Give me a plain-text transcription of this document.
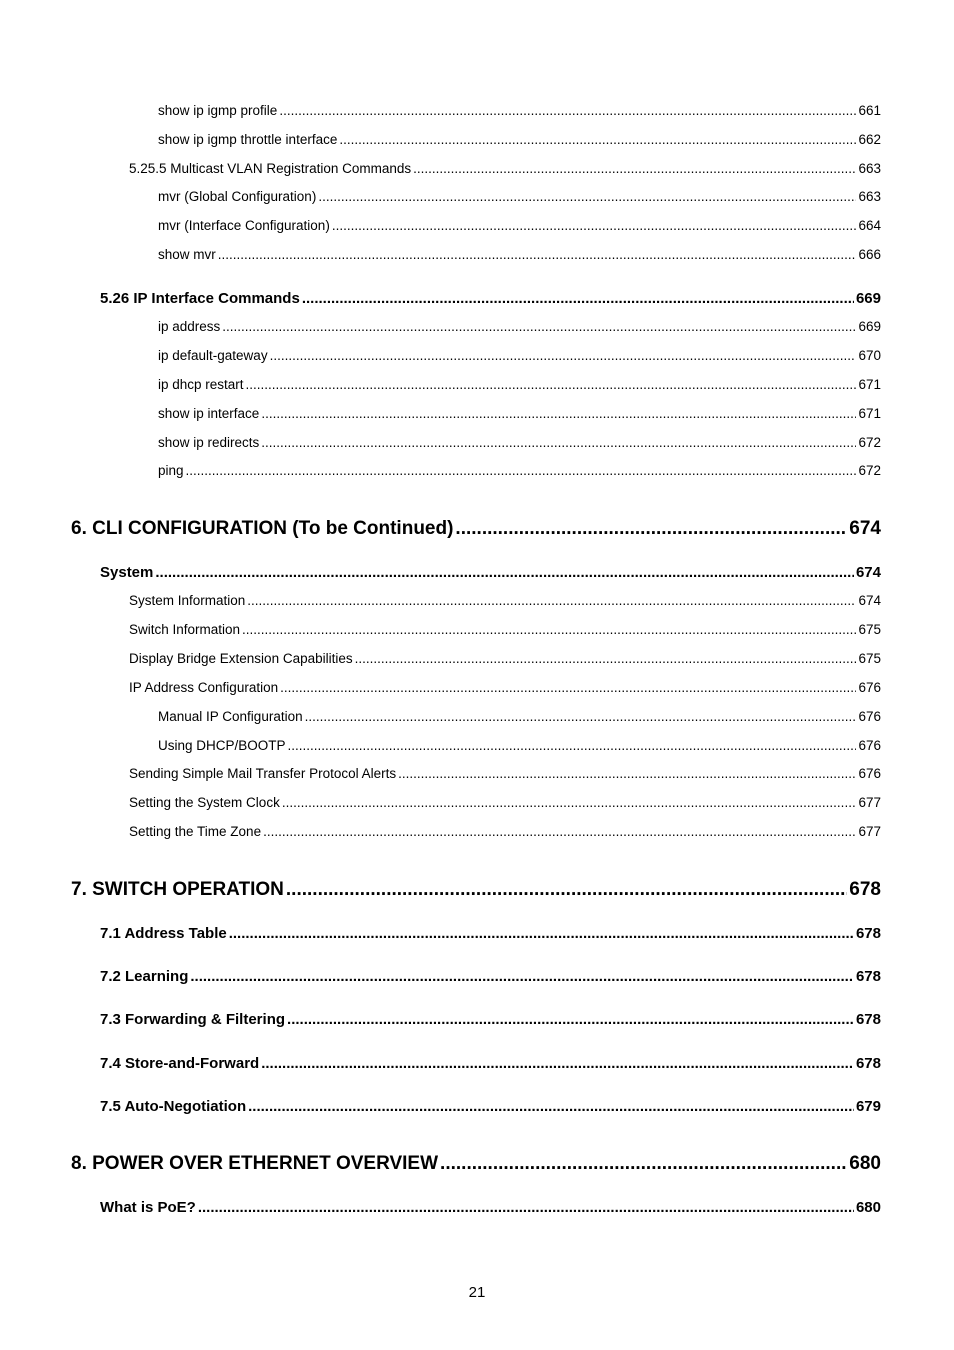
show ip igmp profile .....	661
show ip igmp throttle interface .....	662
5.25.5 Multicast VLAN Registration Commands .....	663
mvr (Global Configuration) .....	663
mvr (Interface Configuration) .....	664
show mvr .....	666
5.26 IP Interface Commands .....	669
ip address .....	669
ip default-gateway .....	670
ip dhcp restart .....	671
show ip interface .....	671
show ip redirects .....	672
ping .....	672
6. CLI CONFIGURATION (To be Continued) .....	674
System .....	674
System Information .....	674
Switch Information .....	675
Display Bridge Extension Capabilities .....	675
IP Address Configuration .....	676
Manual IP Configuration .....	676
Using DHCP/BOOTP .....	676
Sending Simple Mail Transfer Protocol Alerts .....	676
Setting the System Clock .....	677
Setting the Time Zone .....	677
7. SWITCH OPERATION .....	678
7.1 Address Table .....	678
7.2 Learning .....	678
7.3 Forwarding & Filtering .....	678
7.4 Store-and-Forward .....	678
7.5 Auto-Negotiation .....	679
8. POWER OVER ETHERNET OVERVIEW .....	680
What is PoE? .....	680
21
